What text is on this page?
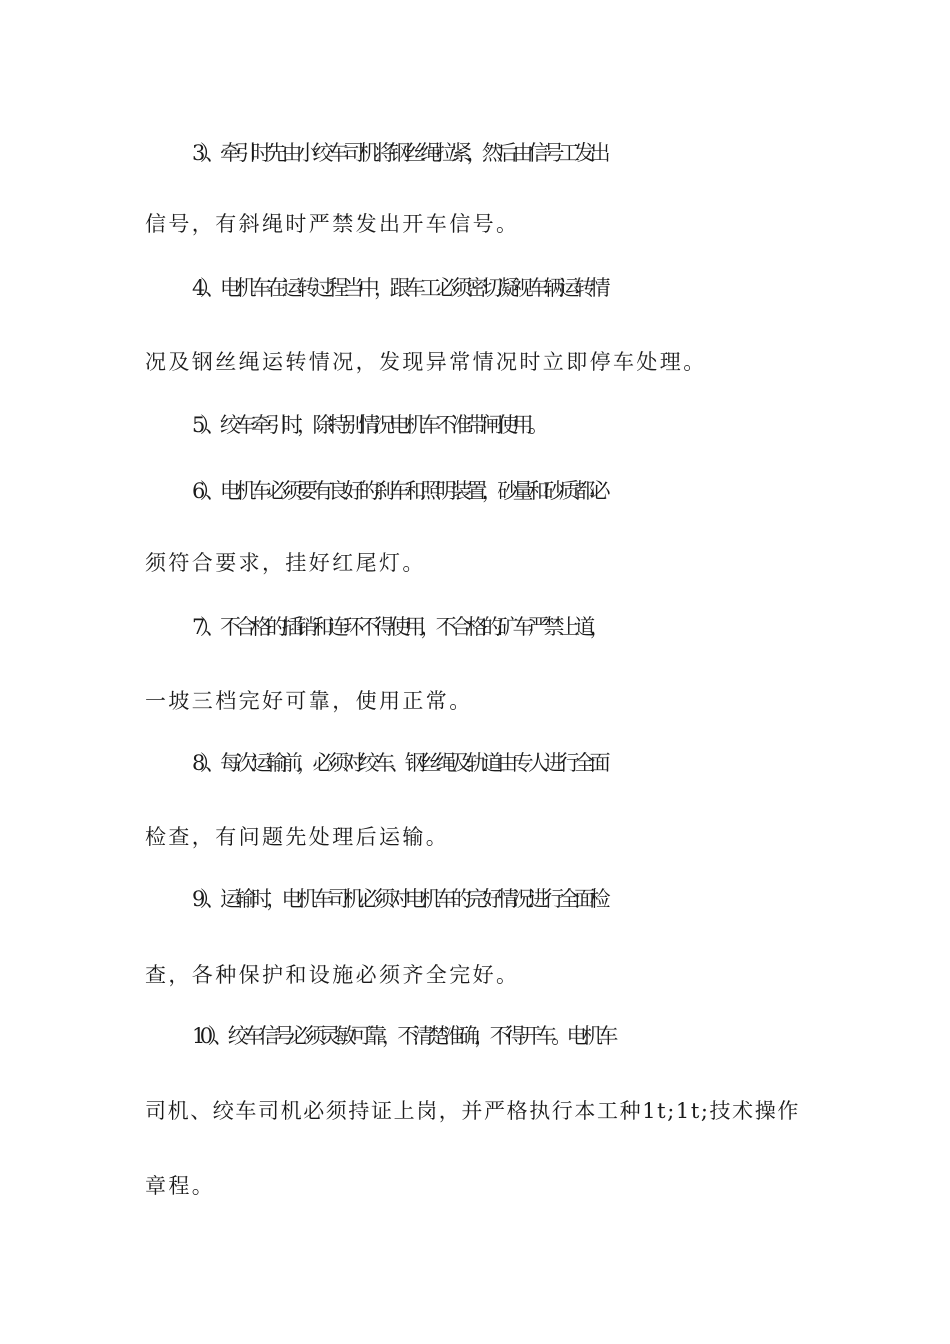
3）、牵引时先由小绞车司机将钢丝绳拉紧，然后由信号工发出
信号，有斜绳时严禁发出开车信号。
4）、电机车在运转过程当中，跟车工必须密切凝视车辆运转情
况及钢丝绳运转情况，发现异常情况时立即停车处理。
5）、绞车牵引时，除特别情况电机车不准带闸使用。
6）、电机车必须要有良好的刹车和照明装置，砂量和砂质都必
须符合要求，挂好红尾灯。
7）、不合格的插销和连环不得使用，不合格的矿车严禁上道，
一坡三档完好可靠，使用正常。
8）、每次运输前，必须对绞车、钢丝绳及轨道由专人进行全面
检查，有问题先处理后运输。
9）、运输时，电机车司机必须对电机车的完好情况进行全面检
查，各种保护和设施必须齐全完好。
10）、绞车信号必须灵敏可靠，不清楚准确，不得开车。电机车
司机、绞车司机必须持证上岗，并严格执行本工种1t;1t;技术操作
章程。
